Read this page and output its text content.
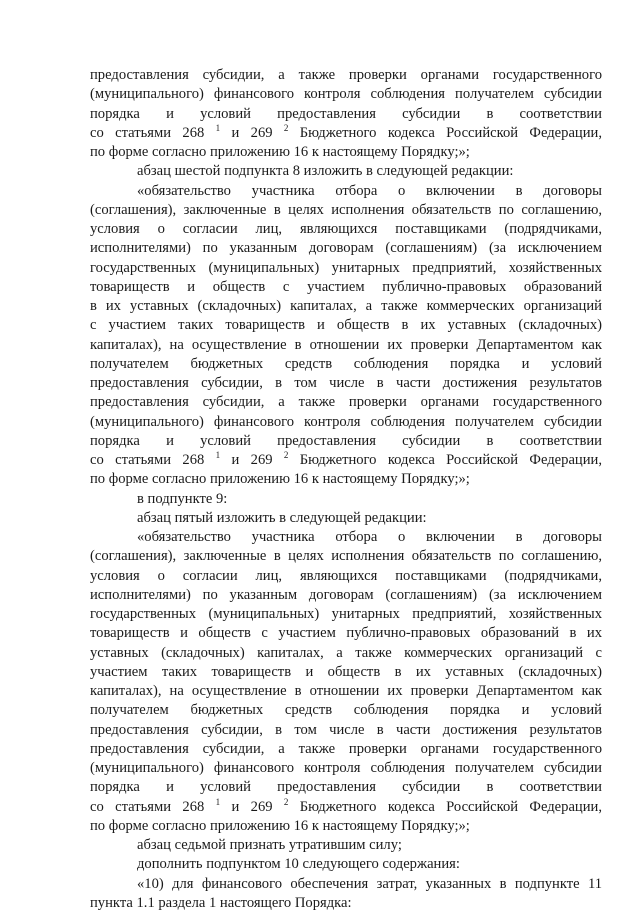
предоставления субсидии, а также проверки органами государственного
(муниципального) финансового контроля соблюдения получателем субсидии
порядка и условий предоставления субсидии в соответствии
со статьями 268 $^1$ и 269 $^2$ Бюджетного кодекса Российской Федерации,
по форме согласно приложению 16 к настоящему Порядку;»;
абзац шестой подпункта 8 изложить в следующей редакции:
«обязательство участника отбора о включении в договоры
(соглашения), заключенные в целях исполнения обязательств по соглашению,
условия о согласии лиц, являющихся поставщиками (подрядчиками,
исполнителями) по указанным договорам (соглашениям) (за исключением
государственных (муниципальных) унитарных предприятий, хозяйственных
товариществ и обществ с участием публично-правовых образований
в их уставных (складочных) капиталах, а также коммерческих организаций
с участием таких товариществ и обществ в их уставных (складочных)
капиталах), на осуществление в отношении их проверки Департаментом как
получателем бюджетных средств соблюдения порядка и условий
предоставления субсидии, в том числе в части достижения результатов
предоставления субсидии, а также проверки органами государственного
(муниципального) финансового контроля соблюдения получателем субсидии
порядка и условий предоставления субсидии в соответствии
со статьями 268 $^1$ и 269 $^2$ Бюджетного кодекса Российской Федерации,
по форме согласно приложению 16 к настоящему Порядку;»;
в подпункте 9:
абзац пятый изложить в следующей редакции:
«обязательство участника отбора о включении в договоры
(соглашения), заключенные в целях исполнения обязательств по соглашению,
условия о согласии лиц, являющихся поставщиками (подрядчиками,
исполнителями) по указанным договорам (соглашениям) (за исключением
государственных (муниципальных) унитарных предприятий, хозяйственных
товариществ и обществ с участием публично-правовых образований в их
уставных (складочных) капиталах, а также коммерческих организаций с
участием таких товариществ и обществ в их уставных (складочных)
капиталах), на осуществление в отношении их проверки Департаментом как
получателем бюджетных средств соблюдения порядка и условий
предоставления субсидии, в том числе в части достижения результатов
предоставления субсидии, а также проверки органами государственного
(муниципального) финансового контроля соблюдения получателем субсидии
порядка и условий предоставления субсидии в соответствии
со статьями 268 $^1$ и 269 $^2$ Бюджетного кодекса Российской Федерации,
по форме согласно приложению 16 к настоящему Порядку;»;
абзац седьмой признать утратившим силу;
дополнить подпунктом 10 следующего содержания:
«10) для финансового обеспечения затрат, указанных в подпункте 11
пункта 1.1 раздела 1 настоящего Порядка:
